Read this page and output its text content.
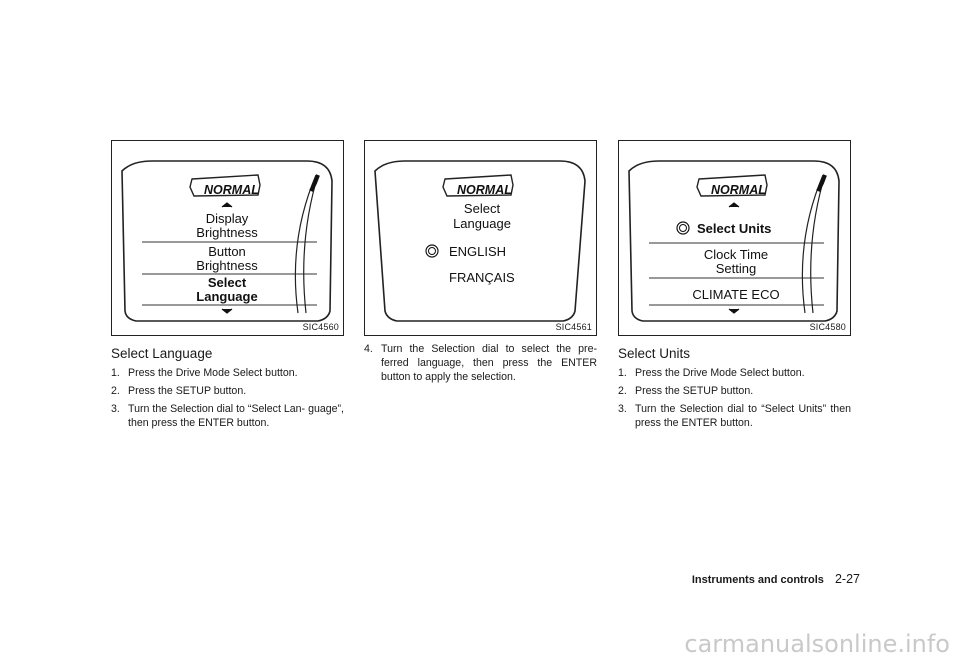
NORMAL
Display
Brightness
Button
Brightness
Select
Language
SIC4560
NORMAL
Select
Language
ENGLISH
FRANÇAIS
SIC4561
NORMAL
Select Units
Clock Time
Setting
CLIMATE ECO
SIC4580
Select Language
1. Press the Drive Mode Select button.
2. Press the SETUP button.
3. Turn the Selection dial to “Select Lan- guage”, then press the ENTER button.
4. Turn the Selection dial to select the pre- ferred language, then press the ENTER button to apply the selection.
Select Units
1. Press the Drive Mode Select button.
2. Press the SETUP button.
3. Turn the Selection dial to “Select Units” then press the ENTER button.
Instruments and controls 2-27
carmanualsonline.info
